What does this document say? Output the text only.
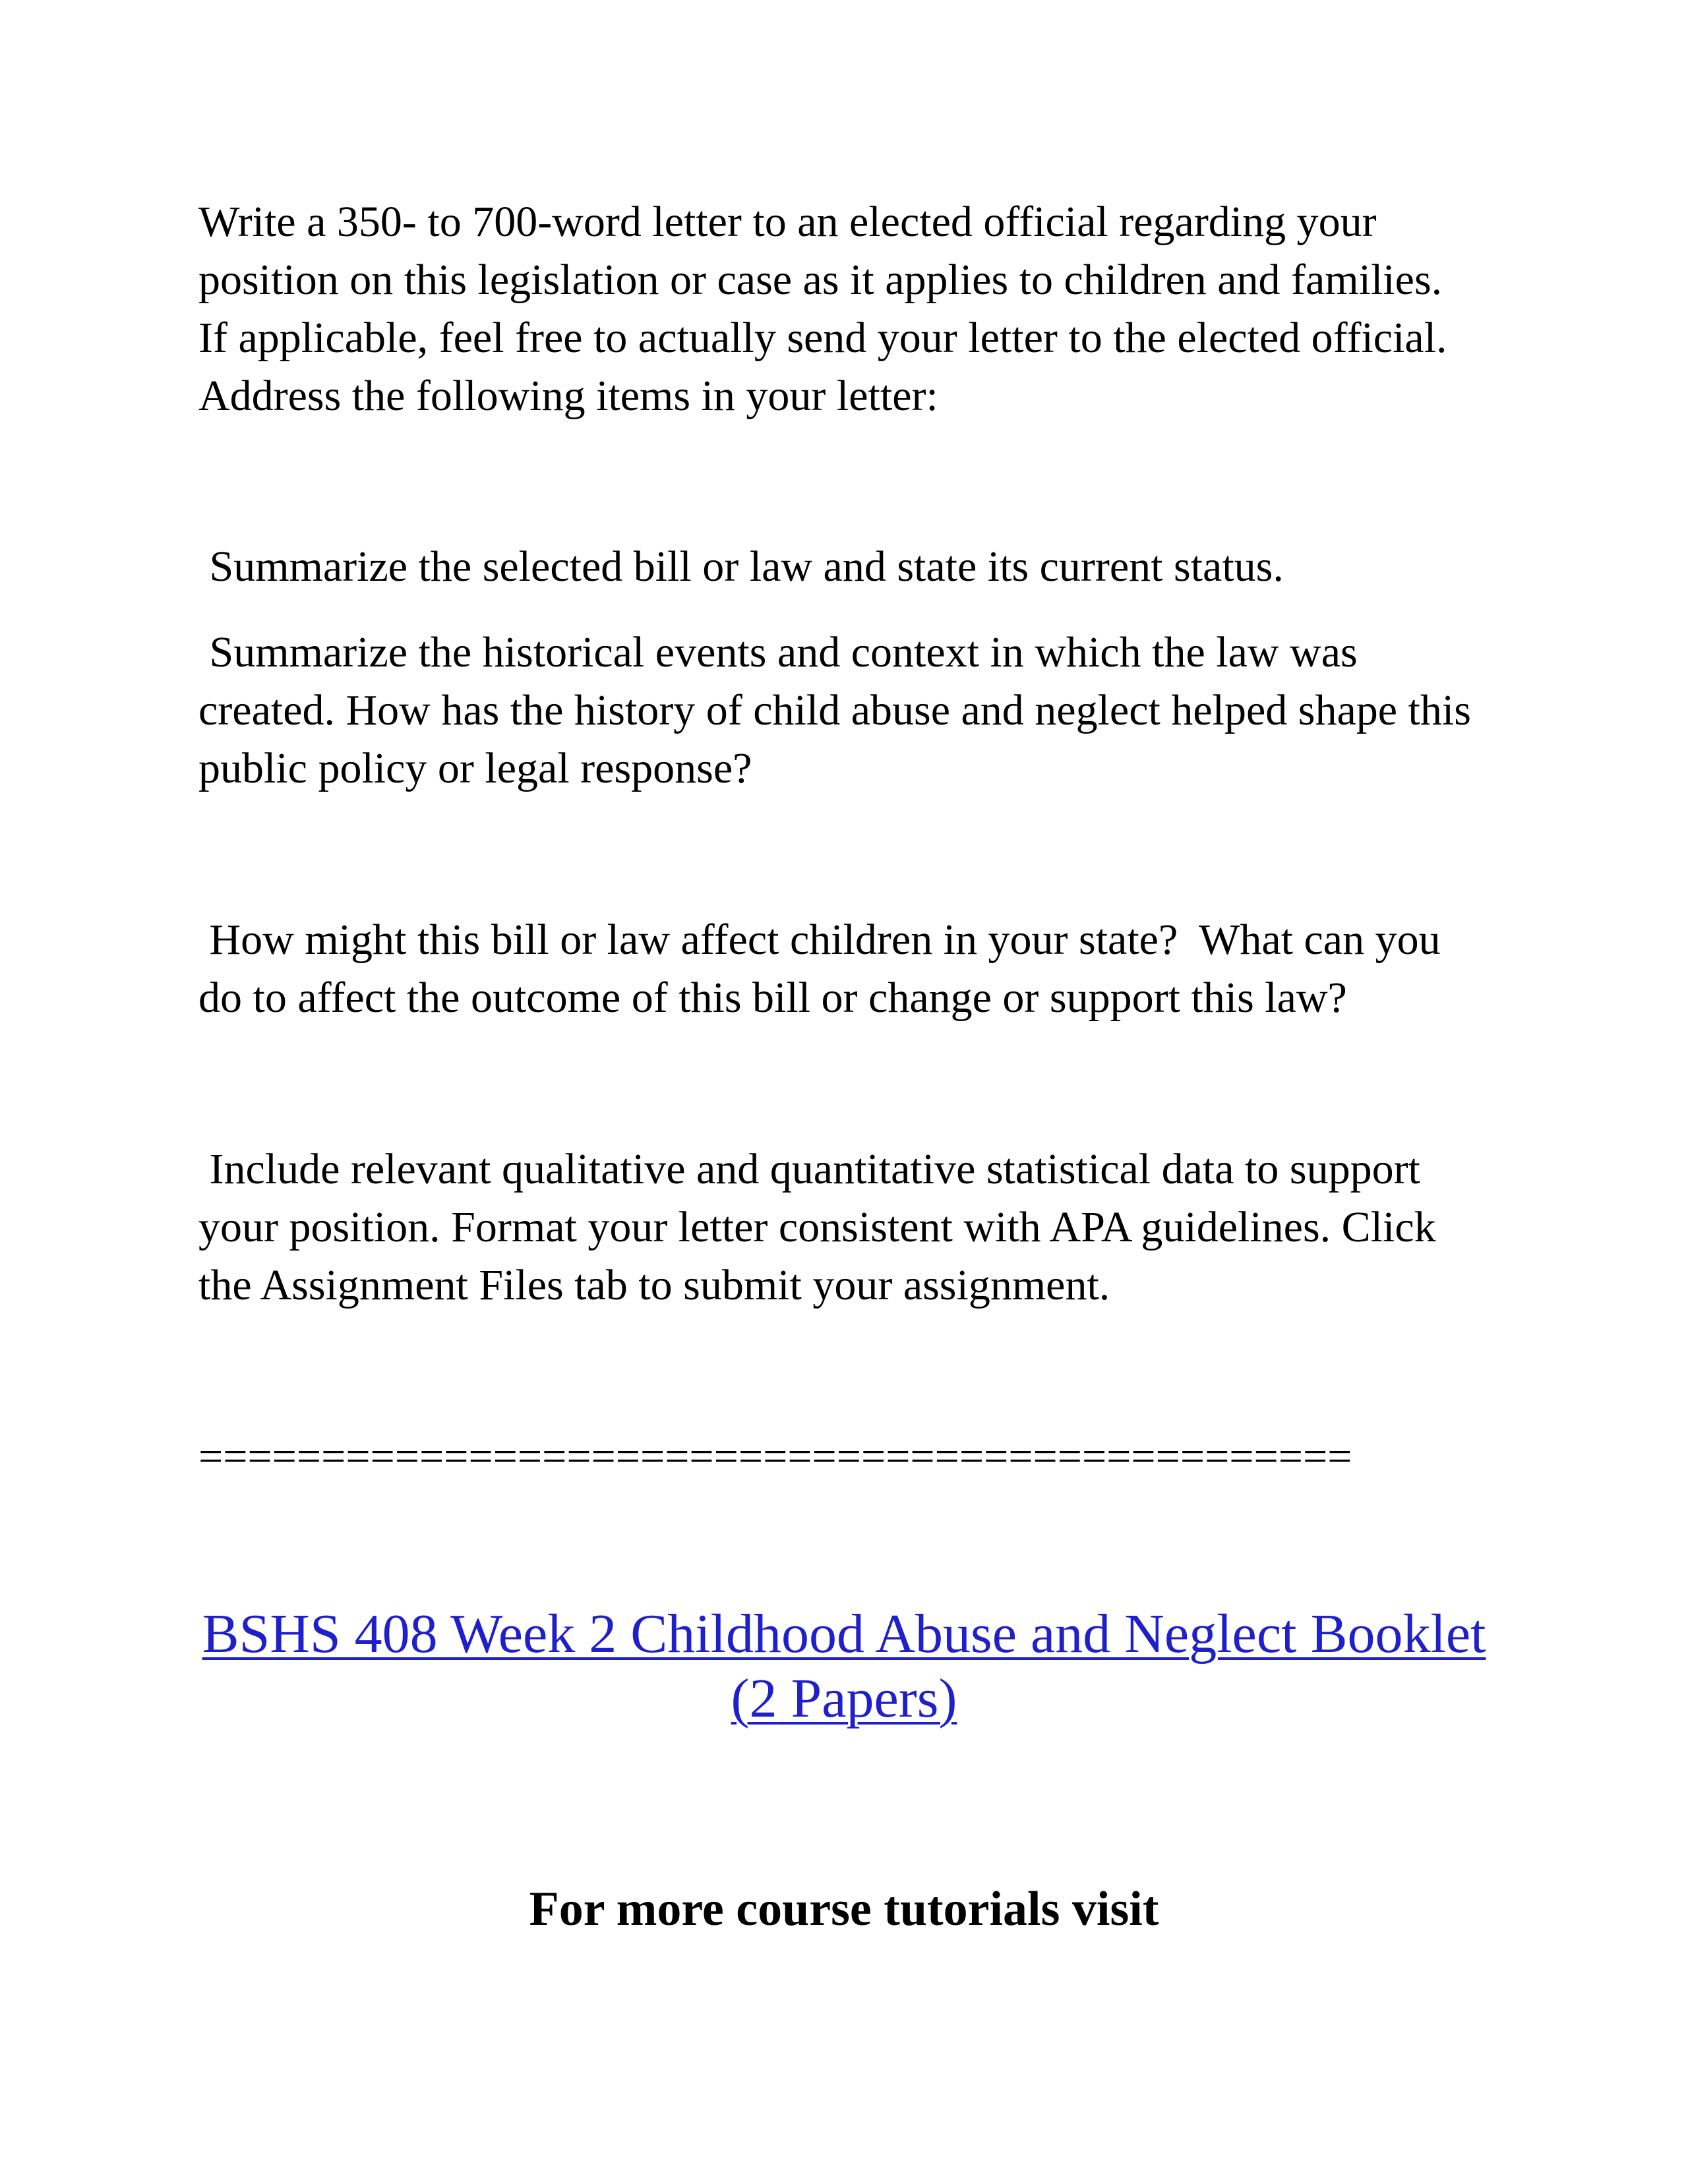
Write a 350- to 700-word letter to an elected official regarding your
position on this legislation or case as it applies to children and families.
If applicable, feel free to actually send your letter to the elected official.
Address the following items in your letter:

Summarize the selected bill or law and state its current status.

Summarize the historical events and context in which the law was
created. How has the history of child abuse and neglect helped shape this
public policy or legal response?

How might this bill or law affect children in your state?  What can you
do to affect the outcome of this bill or change or support this law?

Include relevant qualitative and quantitative statistical data to support
your position. Format your letter consistent with APA guidelines. Click
the Assignment Files tab to submit your assignment.

===============================================
BSHS 408 Week 2 Childhood Abuse and Neglect Booklet
(2 Papers)
For more course tutorials visit
